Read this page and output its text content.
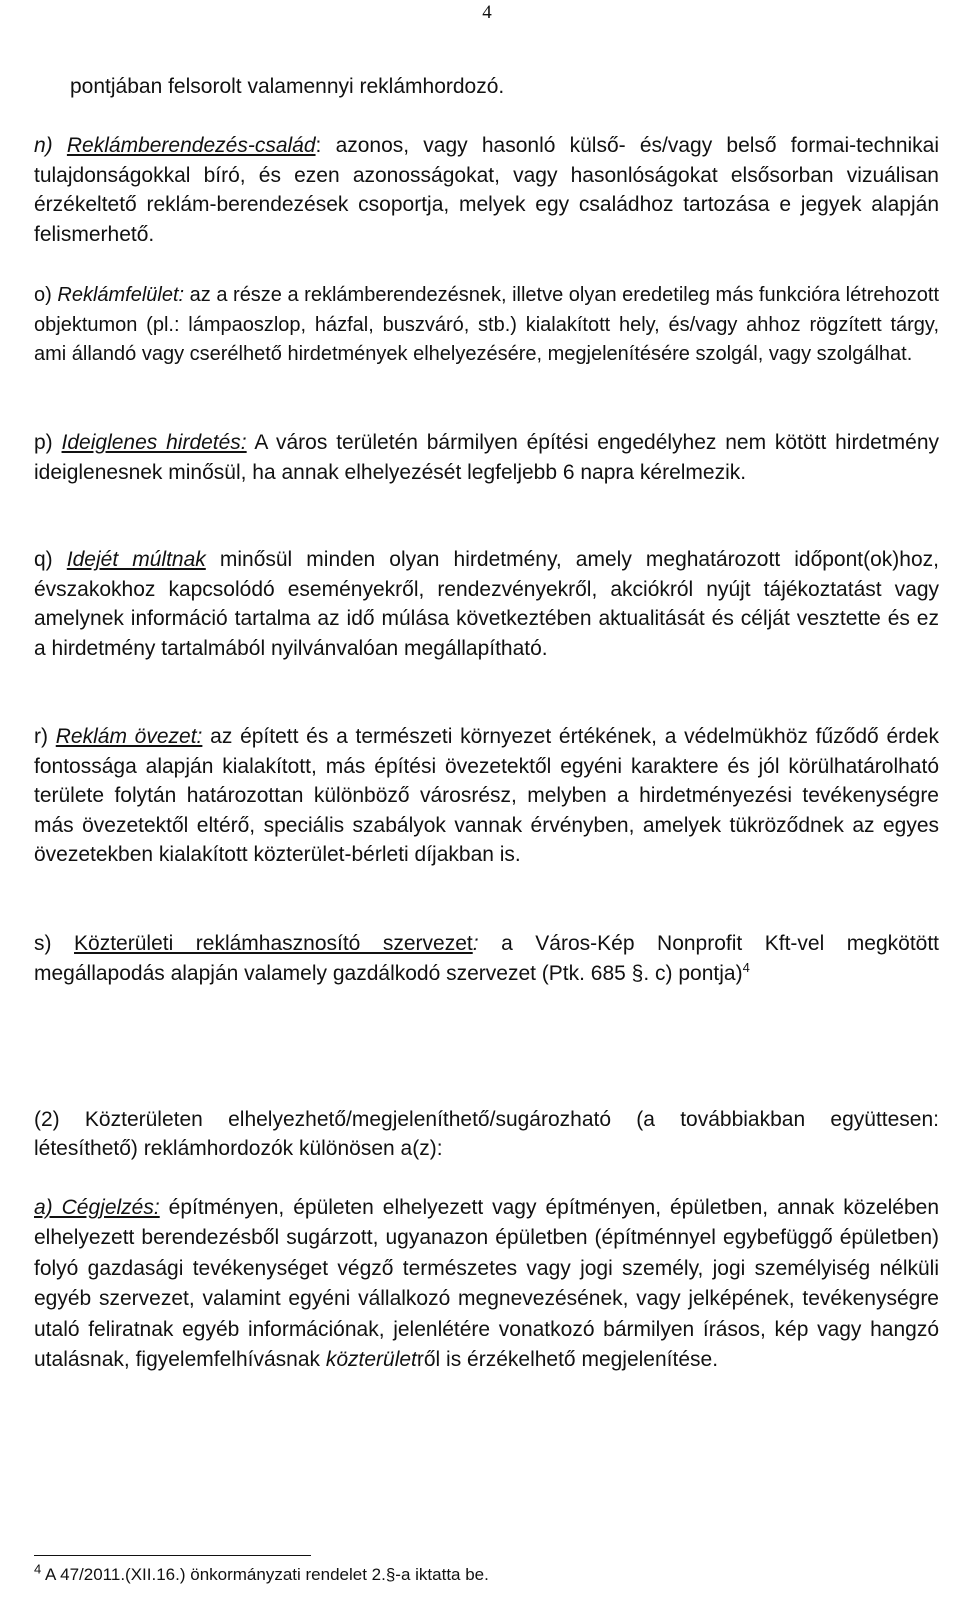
4

pontjában felsorolt valamennyi reklámhordozó.

n) Reklámberendezés-család: azonos, vagy hasonló külső- és/vagy belső formai-technikai tulajdonságokkal bíró, és ezen azonosságokat, vagy hasonlóságokat elsősorban vizuálisan érzékeltető reklám-berendezések csoportja, melyek egy családhoz tartozása e jegyek alapján felismerhető.

o) Reklámfelület: az a része a reklámberendezésnek, illetve olyan eredetileg más funkcióra létrehozott objektumon (pl.: lámpaoszlop, házfal, buszváró, stb.) kialakított hely, és/vagy ahhoz rögzített tárgy, ami állandó vagy cserélhető hirdetmények elhelyezésére, megjelenítésére szolgál, vagy szolgálhat.

p) Ideiglenes hirdetés: A város területén bármilyen építési engedélyhez nem kötött hirdetmény ideiglenesnek minősül, ha annak elhelyezését legfeljebb 6 napra kérelmezik.

q) Idejét múltnak minősül minden olyan hirdetmény, amely meghatározott időpont(ok)hoz, évszakokhoz kapcsolódó eseményekről, rendezvényekről, akciókról nyújt tájékoztatást vagy amelynek információ tartalma az idő múlása következtében aktualitását és célját vesztette és ez a hirdetmény tartalmából nyilvánvalóan megállapítható.

r) Reklám övezet: az épített és a természeti környezet értékének, a védelmükhöz fűződő érdek fontossága alapján kialakított, más építési övezetektől egyéni karaktere és jól körülhatárolható területe folytán határozottan különböző városrész, melyben a hirdetményezési tevékenységre más övezetektől eltérő, speciális szabályok vannak érvényben, amelyek tükröződnek az egyes övezetekben kialakított közterület-bérleti díjakban is.

s) Közterületi reklámhasznosító szervezet: a Város-Kép Nonprofit Kft-vel megkötött megállapodás alapján valamely gazdálkodó szervezet (Ptk. 685 §. c) pontja)$^4$

(2) Közterületen elhelyezhető/megjeleníthető/sugározható (a továbbiakban együttesen: létesíthető) reklámhordozók különösen a(z):

a) Cégjelzés: építményen, épületen elhelyezett vagy építményen, épületben, annak közelében elhelyezett berendezésből sugárzott, ugyanazon épületben (építménnyel egybefüggő épületben) folyó gazdasági tevékenységet végző természetes vagy jogi személy, jogi személyiség nélküli egyéb szervezet, valamint egyéni vállalkozó megnevezésének, vagy jelképének, tevékenységre utaló feliratnak egyéb információnak, jelenlétére vonatkozó bármilyen írásos, kép vagy hangzó utalásnak, figyelemfelhívásnak közterületről is érzékelhető megjelenítése.

$^4$ A 47/2011.(XII.16.) önkormányzati rendelet 2.§-a iktatta be.
